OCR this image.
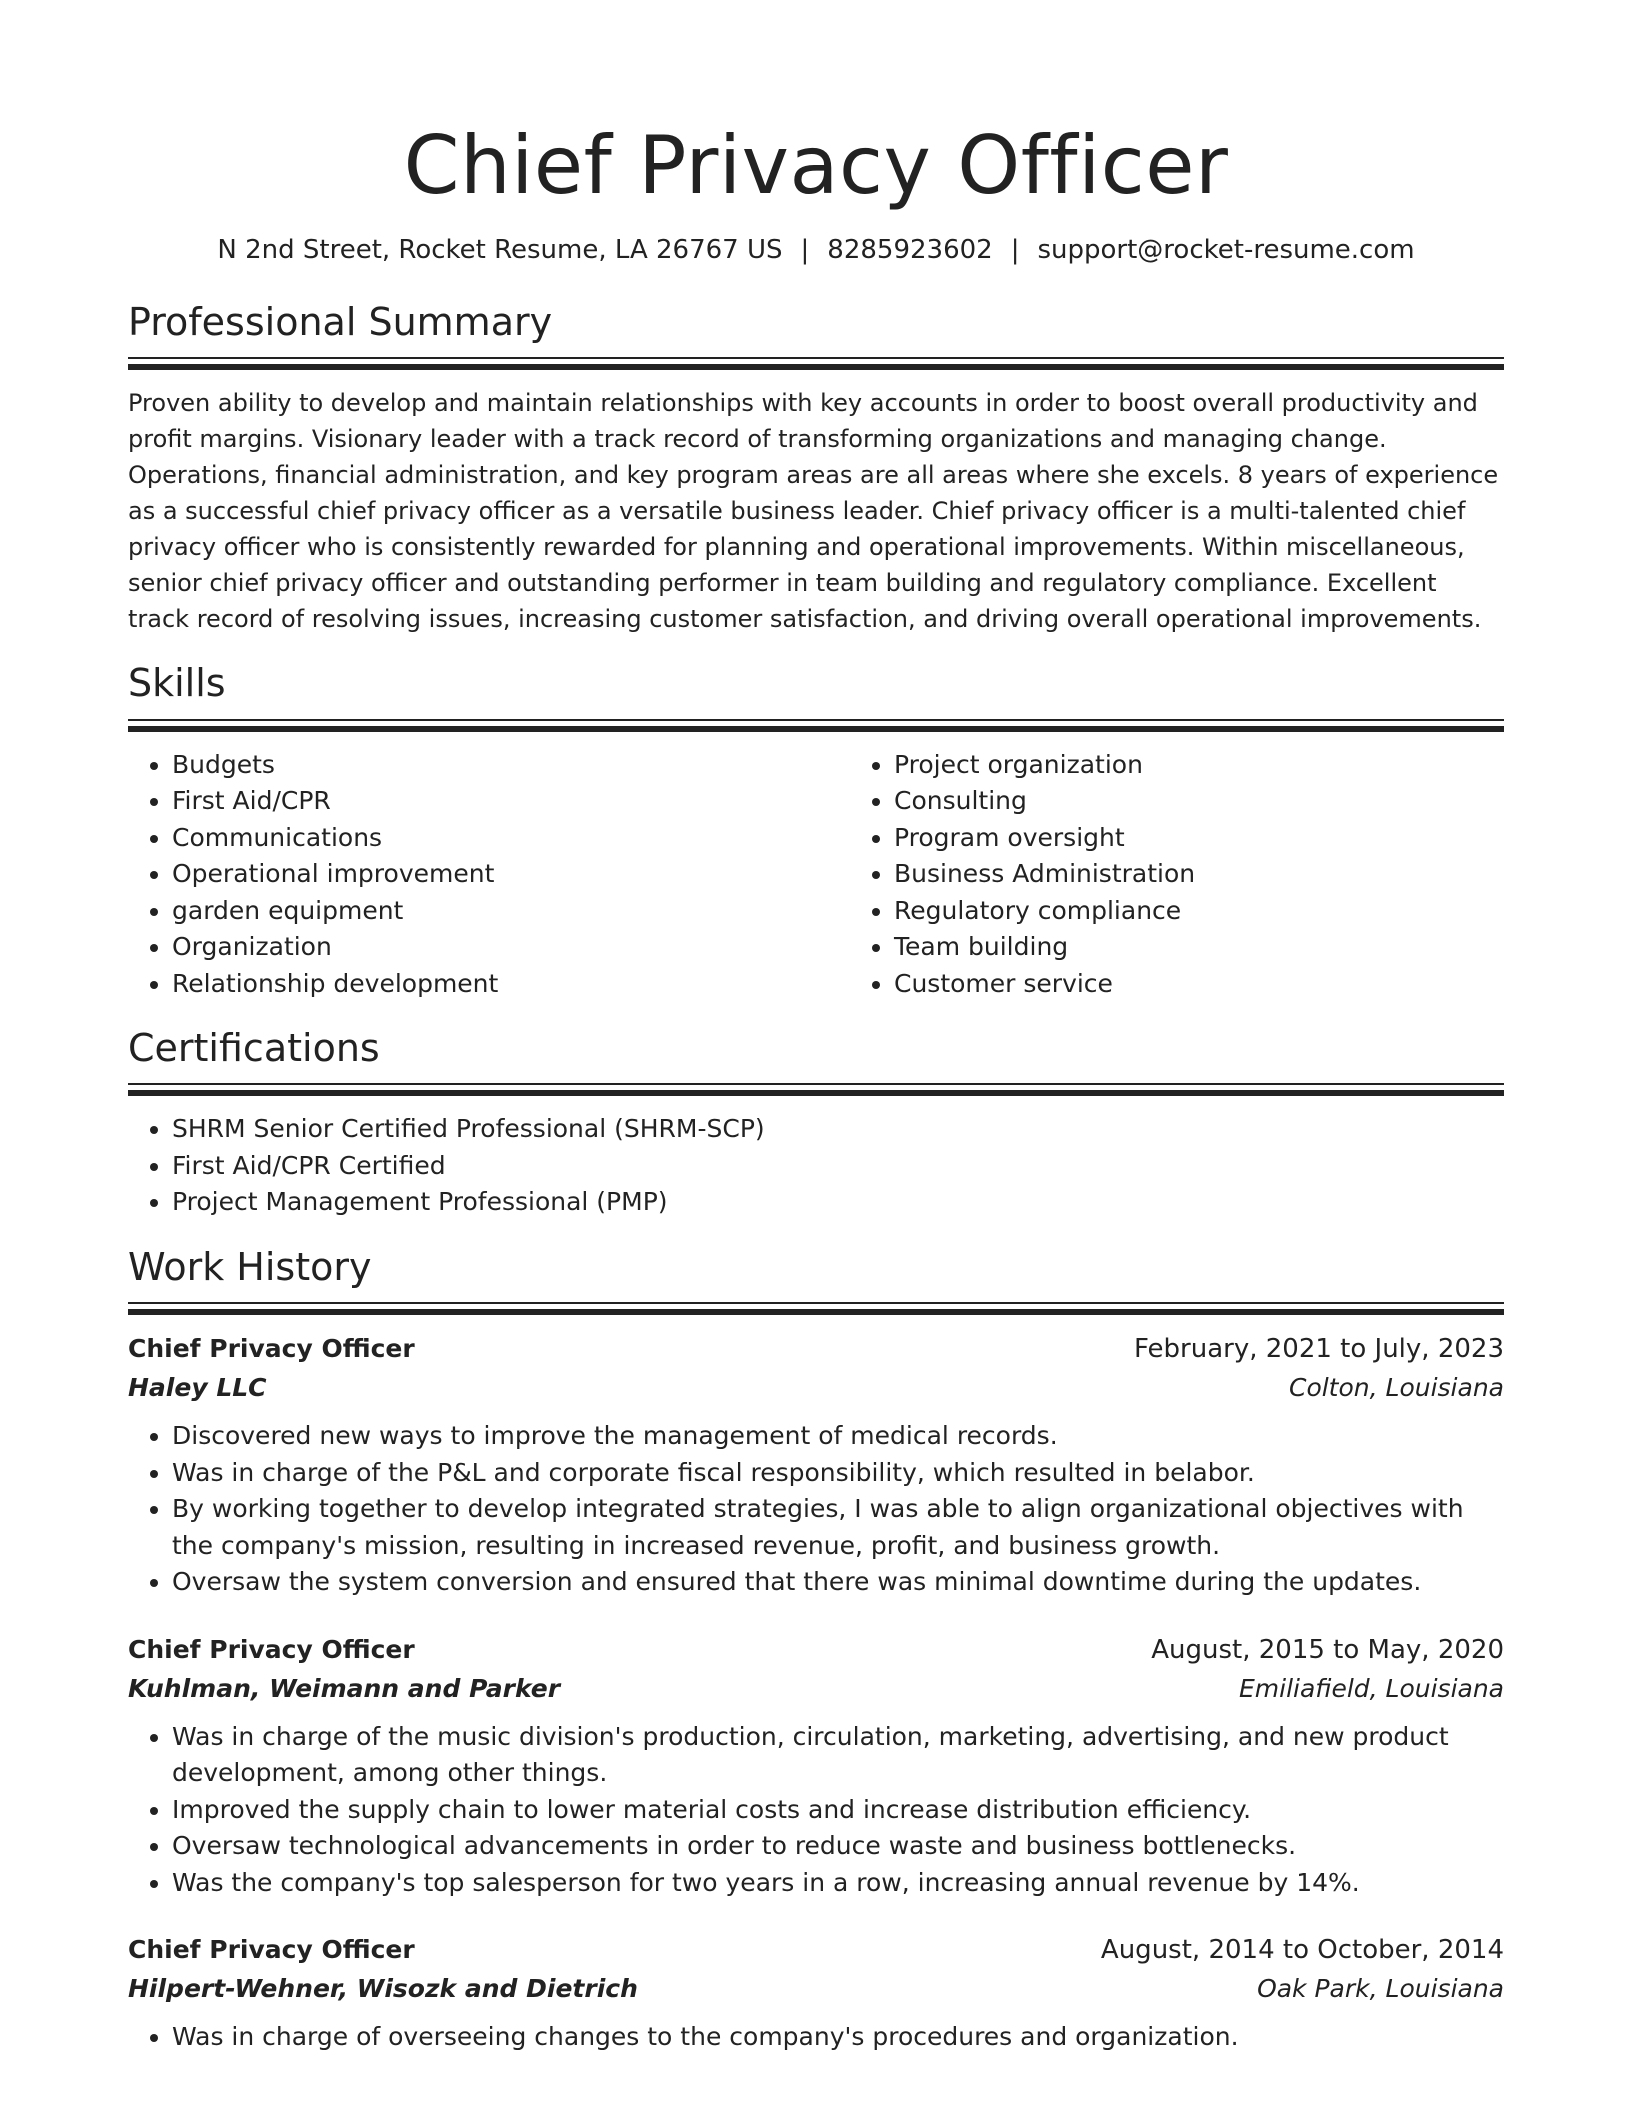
Chief Privacy Officer
N 2nd Street, Rocket Resume, LA 26767 US | 8285923602 | support@rocket-resume.com
Professional Summary

Proven ability to develop and maintain relationships with key accounts in order to boost overall productivity and profit margins. Visionary leader with a track record of transforming organizations and managing change. Operations, financial administration, and key program areas are all areas where she excels. 8 years of experience as a successful chief privacy officer as a versatile business leader. Chief privacy officer is a multi-talented chief privacy officer who is consistently rewarded for planning and operational improvements. Within miscellaneous, senior chief privacy officer and outstanding performer in team building and regulatory compliance. Excellent track record of resolving issues, increasing customer satisfaction, and driving overall operational improvements.

Skills
• Budgets
• First Aid/CPR
• Communications
• Operational improvement
• garden equipment
• Organization
• Relationship development
• Project organization
• Consulting
• Program oversight
• Business Administration
• Regulatory compliance
• Team building
• Customer service
Certifications
• SHRM Senior Certified Professional (SHRM-SCP)
• First Aid/CPR Certified
• Project Management Professional (PMP)
Work History
Chief Privacy Officer	February, 2021 to July, 2023
Haley LLC	Colton, Louisiana
• Discovered new ways to improve the management of medical records.
• Was in charge of the P&L and corporate fiscal responsibility, which resulted in belabor.
• By working together to develop integrated strategies, I was able to align organizational objectives with the company's mission, resulting in increased revenue, profit, and business growth.
• Oversaw the system conversion and ensured that there was minimal downtime during the updates.
Chief Privacy Officer	August, 2015 to May, 2020
Kuhlman, Weimann and Parker	Emiliafield, Louisiana
• Was in charge of the music division's production, circulation, marketing, advertising, and new product development, among other things.
• Improved the supply chain to lower material costs and increase distribution efficiency.
• Oversaw technological advancements in order to reduce waste and business bottlenecks.
• Was the company's top salesperson for two years in a row, increasing annual revenue by 14%.
Chief Privacy Officer	August, 2014 to October, 2014
Hilpert-Wehner, Wisozk and Dietrich	Oak Park, Louisiana
• Was in charge of overseeing changes to the company's procedures and organization.
